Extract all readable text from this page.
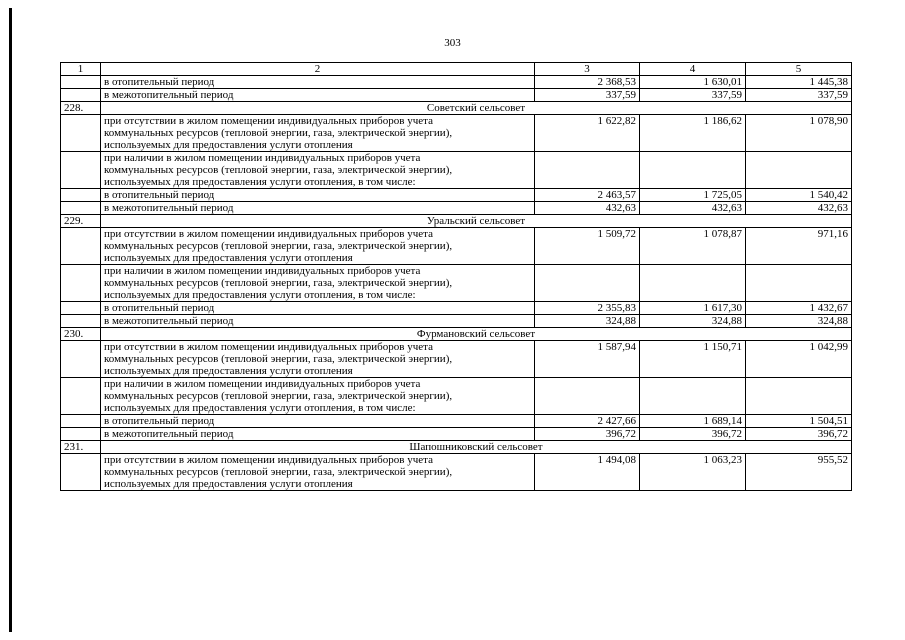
303
1	2	3	4	5

	в отопительный период	2 368,53	1 630,01	1 445,38

	в межотопительный период	337,59	337,59	337,59
228.	Советский сельсовет			

	при отсутствии в жилом помещении индивидуальных приборов учета
коммунальных ресурсов (тепловой энергии, газа, электрической энергии),
используемых для предоставления услуги отопления	1 622,82	1 186,62	1 078,90

	при наличии в жилом помещении индивидуальных приборов учета
коммунальных ресурсов (тепловой энергии, газа, электрической энергии),
используемых для предоставления услуги отопления, в том числе:			

	в отопительный период	2 463,57	1 725,05	1 540,42

	в межотопительный период	432,63	432,63	432,63
229.	Уральский сельсовет			

	при отсутствии в жилом помещении индивидуальных приборов учета
коммунальных ресурсов (тепловой энергии, газа, электрической энергии),
используемых для предоставления услуги отопления	1 509,72	1 078,87	971,16

	при наличии в жилом помещении индивидуальных приборов учета
коммунальных ресурсов (тепловой энергии, газа, электрической энергии),
используемых для предоставления услуги отопления, в том числе:			

	в отопительный период	2 355,83	1 617,30	1 432,67

	в межотопительный период	324,88	324,88	324,88
230.	Фурмановский сельсовет			

	при отсутствии в жилом помещении индивидуальных приборов учета
коммунальных ресурсов (тепловой энергии, газа, электрической энергии),
используемых для предоставления услуги отопления	1 587,94	1 150,71	1 042,99

	при наличии в жилом помещении индивидуальных приборов учета
коммунальных ресурсов (тепловой энергии, газа, электрической энергии),
используемых для предоставления услуги отопления, в том числе:			

	в отопительный период	2 427,66	1 689,14	1 504,51

	в межотопительный период	396,72	396,72	396,72
231.	Шапошниковский сельсовет			

	при отсутствии в жилом помещении индивидуальных приборов учета
коммунальных ресурсов (тепловой энергии, газа, электрической энергии),
используемых для предоставления услуги отопления	1 494,08	1 063,23	955,52
